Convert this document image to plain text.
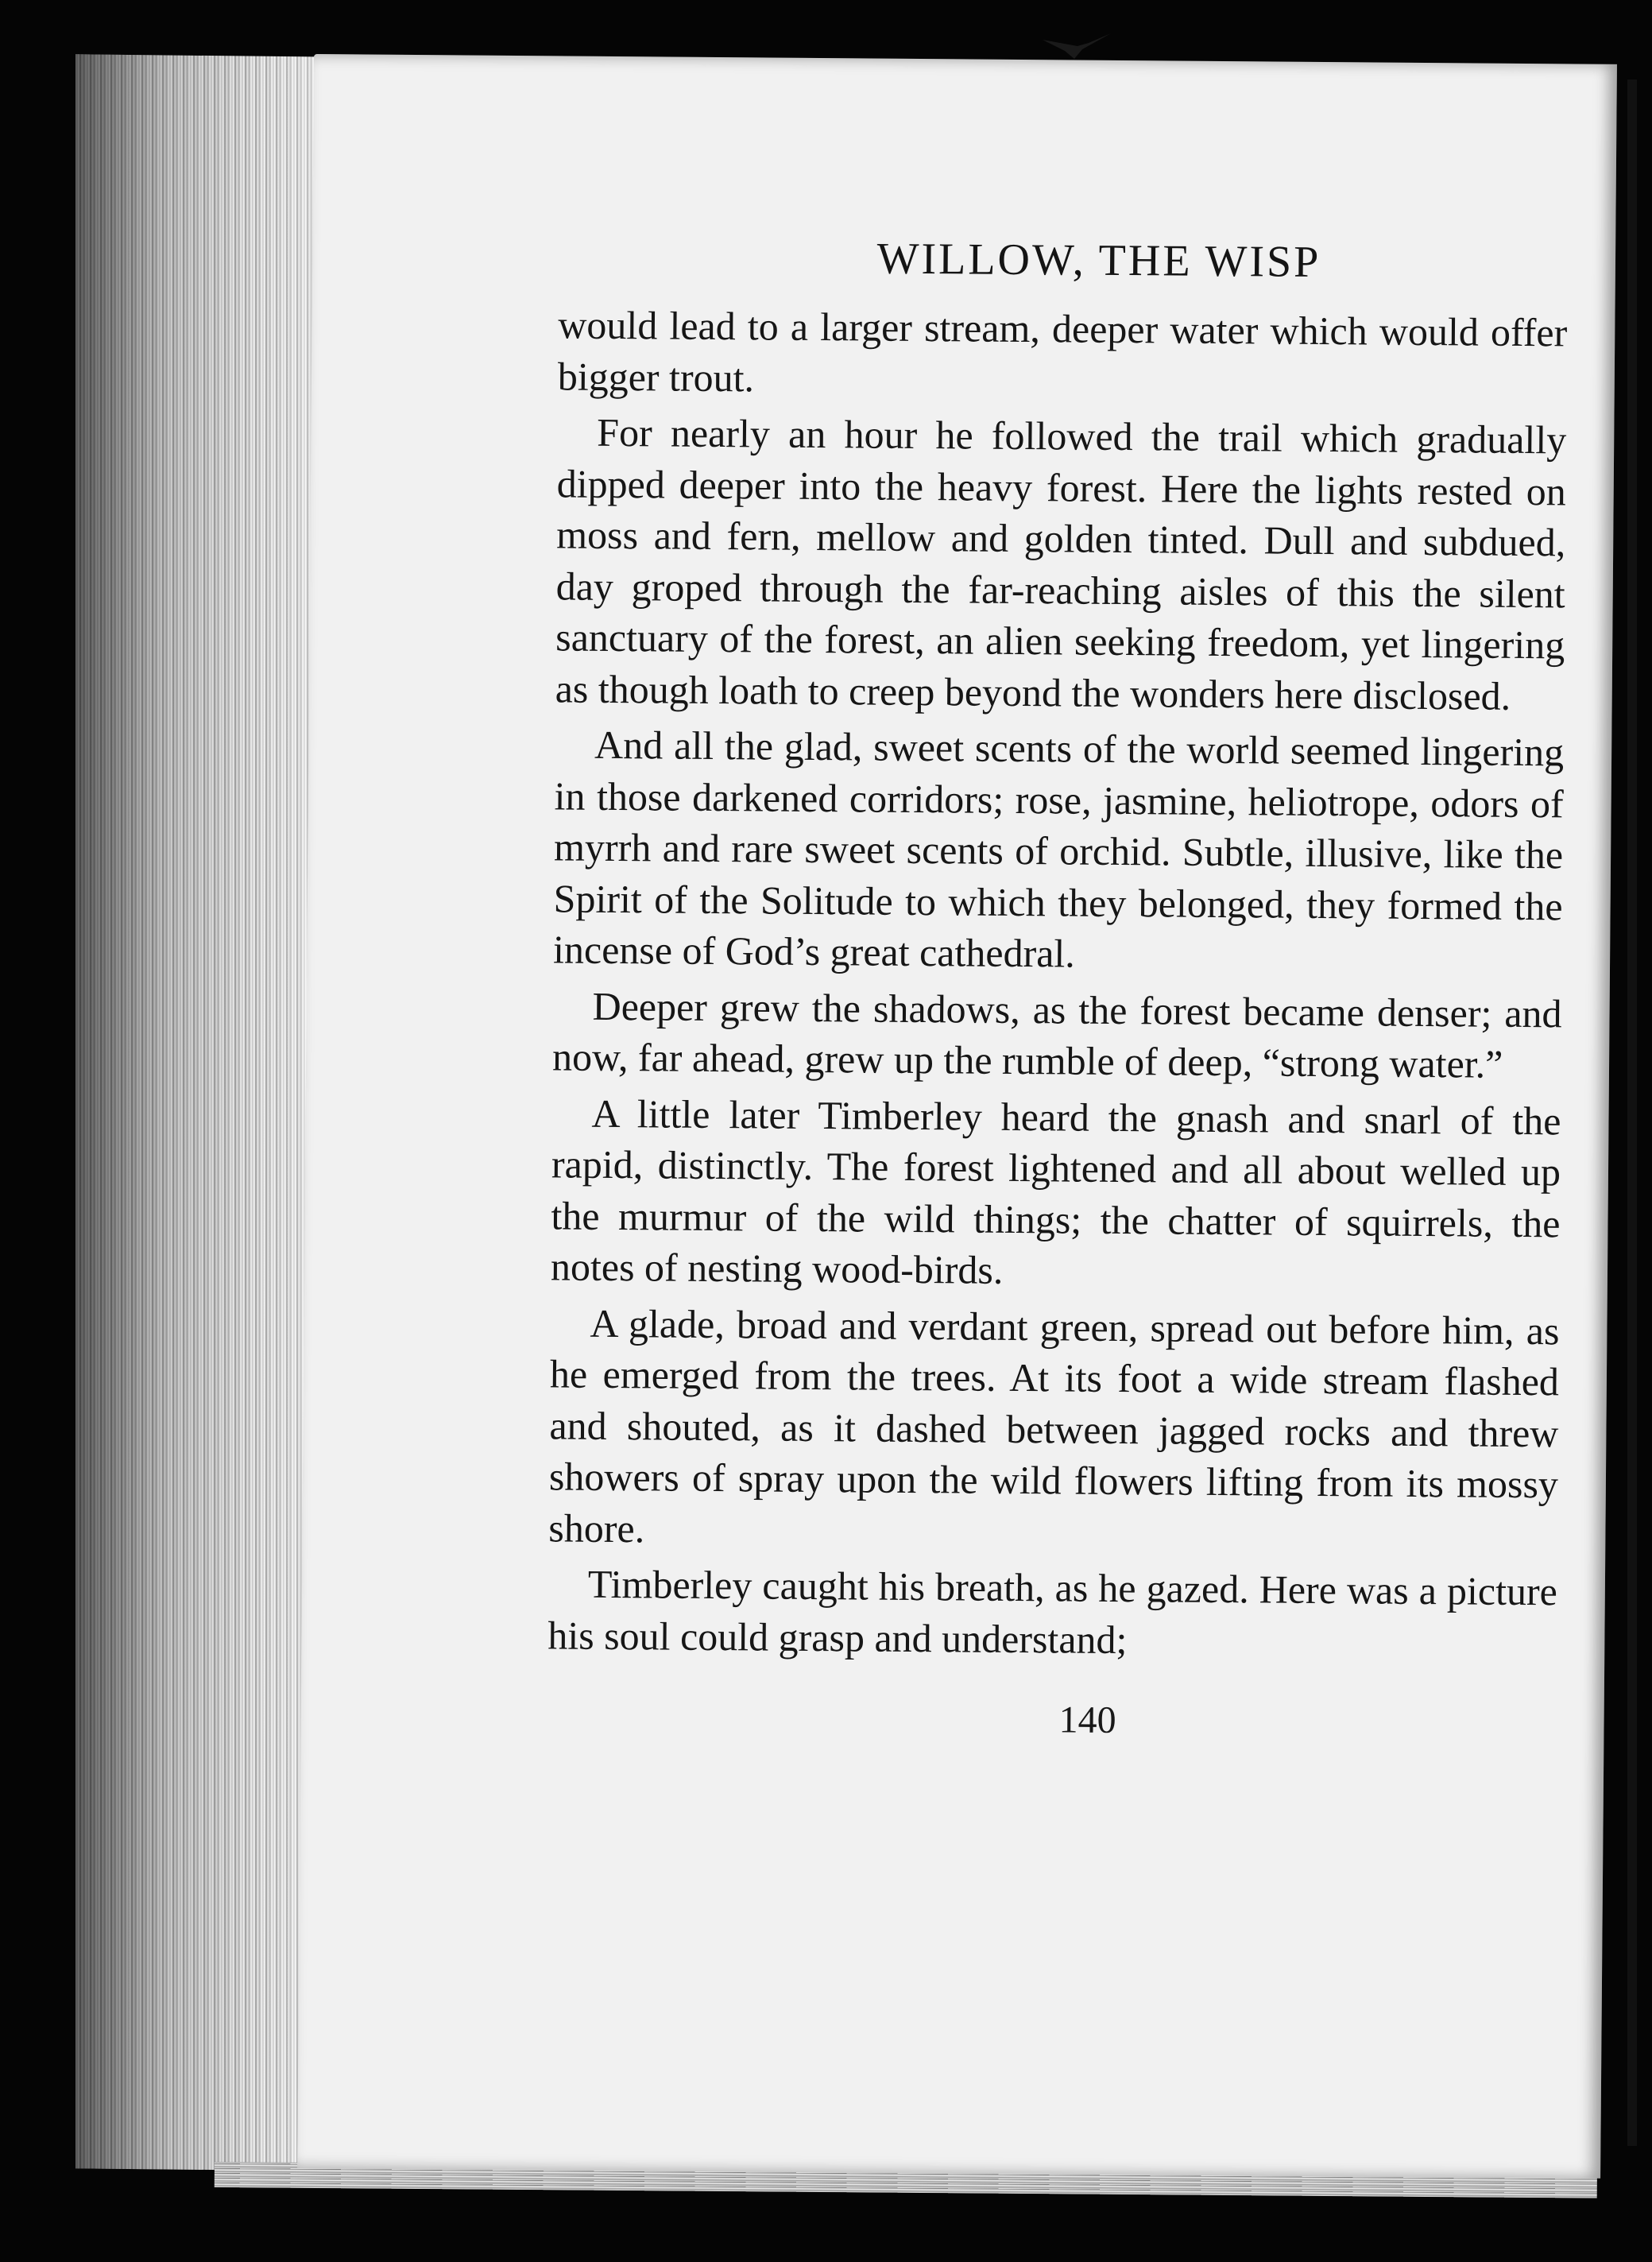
WILLOW, THE WISP

would lead to a larger stream, deeper water which would offer bigger trout.

For nearly an hour he followed the trail which gradually dipped deeper into the heavy forest. Here the lights rested on moss and fern, mellow and golden tinted. Dull and subdued, day groped through the far-reaching aisles of this the silent sanctuary of the forest, an alien seeking freedom, yet lingering as though loath to creep beyond the wonders here disclosed.

And all the glad, sweet scents of the world seemed lingering in those darkened corridors; rose, jasmine, heliotrope, odors of myrrh and rare sweet scents of orchid. Subtle, illusive, like the Spirit of the Solitude to which they belonged, they formed the incense of God’s great cathedral.

Deeper grew the shadows, as the forest became denser; and now, far ahead, grew up the rumble of deep, “strong water.”

A little later Timberley heard the gnash and snarl of the rapid, distinctly. The forest lightened and all about welled up the murmur of the wild things; the chatter of squirrels, the notes of nesting wood-birds.

A glade, broad and verdant green, spread out before him, as he emerged from the trees. At its foot a wide stream flashed and shouted, as it dashed between jagged rocks and threw showers of spray upon the wild flowers lifting from its mossy shore.

Timberley caught his breath, as he gazed. Here was a picture his soul could grasp and understand;

140
